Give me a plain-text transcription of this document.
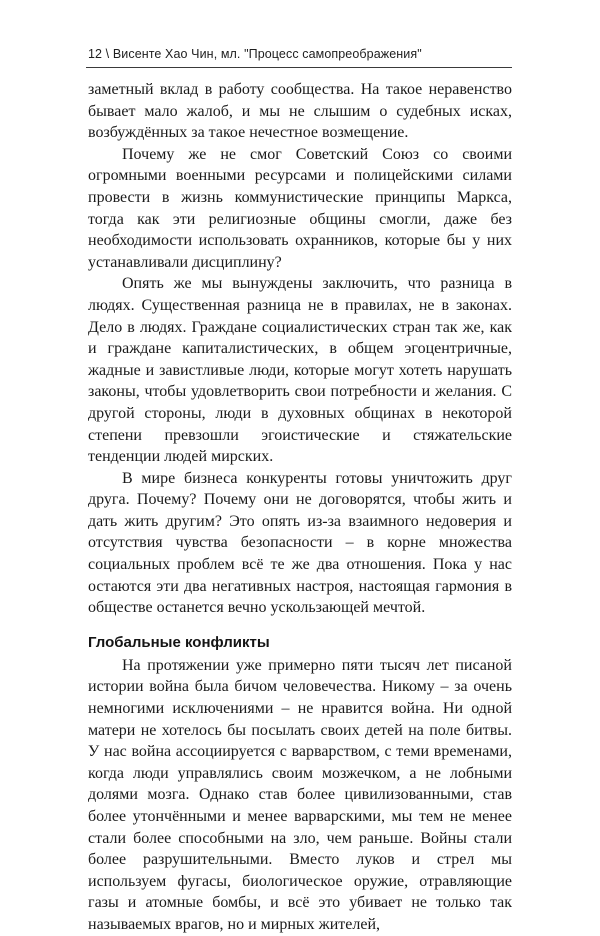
12 \ Висенте Хао Чин, мл. "Процесс самопреображения"

заметный вклад в работу сообщества. На такое неравенство бывает мало жалоб, и мы не слышим о судебных исках, возбуждённых за такое нечестное возмещение.

Почему же не смог Советский Союз со своими огромными военными ресурсами и полицейскими силами провести в жизнь коммунистические принципы Маркса, тогда как эти религиозные общины смогли, даже без необходимости использовать охранников, которые бы у них устанавливали дисциплину?

Опять же мы вынуждены заключить, что разница в людях. Существенная разница не в правилах, не в законах. Дело в людях. Граждане социалистических стран так же, как и граждане капиталистических, в общем эгоцентричные, жадные и завистливые люди, которые могут хотеть нарушать законы, чтобы удовлетворить свои потребности и желания. С другой стороны, люди в духовных общинах в некоторой степени превзошли эгоистические и стяжательские тенденции людей мирских.

В мире бизнеса конкуренты готовы уничтожить друг друга. Почему? Почему они не договорятся, чтобы жить и дать жить другим? Это опять из-за взаимного недоверия и отсутствия чувства безопасности – в корне множества социальных проблем всё те же два отношения. Пока у нас остаются эти два негативных настроя, настоящая гармония в обществе останется вечно ускользающей мечтой.

Глобальные конфликты

На протяжении уже примерно пяти тысяч лет писаной истории война была бичом человечества. Никому – за очень немногими исключениями – не нравится война. Ни одной матери не хотелось бы посылать своих детей на поле битвы. У нас война ассоциируется с варварством, с теми временами, когда люди управлялись своим мозжечком, а не лобными долями мозга. Однако став более цивилизованными, став более утончёнными и менее варварскими, мы тем не менее стали более способными на зло, чем раньше. Войны стали более разрушительными. Вместо луков и стрел мы используем фугасы, биологическое оружие, отравляющие газы и атомные бомбы, и всё это убивает не только так называемых врагов, но и мирных жителей,
